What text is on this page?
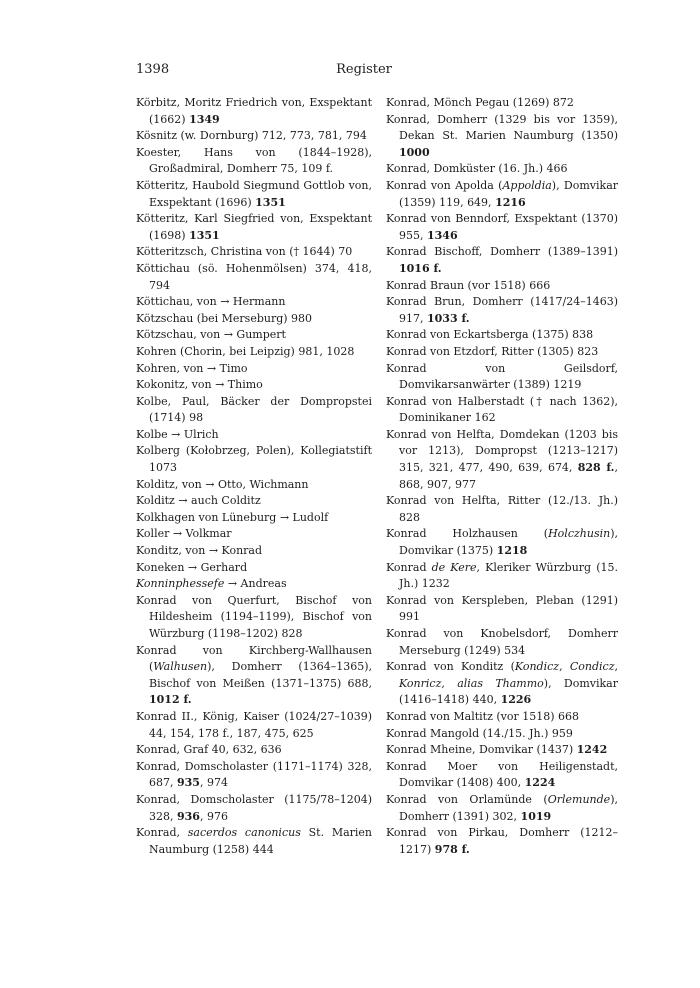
1398	Register

Körbitz, Moritz Friedrich von, Exspektant (1662) 1349

Kösnitz (w. Dornburg) 712, 773, 781, 794

Koester, Hans von (1844–1928), Großadmiral, Domherr 75, 109 f.

Kötteritz, Haubold Siegmund Gottlob von, Exspektant (1696) 1351

Kötteritz, Karl Siegfried von, Exspektant (1698) 1351

Kötteritzsch, Christina von († 1644) 70

Köttichau (sö. Hohenmölsen) 374, 418, 794

Köttichau, von → Hermann

Kötzschau (bei Merseburg) 980

Kötzschau, von → Gumpert

Kohren (Chorin, bei Leipzig) 981, 1028

Kohren, von → Timo

Kokonitz, von → Thimo

Kolbe, Paul, Bäcker der Dompropstei (1714) 98

Kolbe → Ulrich

Kolberg (Kołobrzeg, Polen), Kollegiatstift 1073

Kolditz, von → Otto, Wichmann

Kolditz → auch Colditz

Kolkhagen von Lüneburg → Ludolf

Koller → Volkmar

Konditz, von → Konrad

Koneken → Gerhard

Konninphessefe → Andreas

Konrad von Querfurt, Bischof von Hildesheim (1194–1199), Bischof von Würzburg (1198–1202) 828

Konrad von Kirchberg-Wallhausen (Walhusen), Domherr (1364–1365), Bischof von Meißen (1371–1375) 688, 1012 f.

Konrad II., König, Kaiser (1024/27–1039) 44, 154, 178 f., 187, 475, 625

Konrad, Graf 40, 632, 636

Konrad, Domscholaster (1171–1174) 328, 687, 935, 974

Konrad, Domscholaster (1175/78–1204) 328, 936, 976

Konrad, sacerdos canonicus St. Marien Naumburg (1258) 444

Konrad, Mönch Pegau (1269) 872

Konrad, Domherr (1329 bis vor 1359), Dekan St. Marien Naumburg (1350) 1000

Konrad, Domküster (16. Jh.) 466

Konrad von Apolda (Appoldia), Domvikar (1359) 119, 649, 1216

Konrad von Benndorf, Exspektant (1370) 955, 1346

Konrad Bischoff, Domherr (1389–1391) 1016 f.

Konrad Braun (vor 1518) 666

Konrad Brun, Domherr (1417/24–1463) 917, 1033 f.

Konrad von Eckartsberga (1375) 838

Konrad von Etzdorf, Ritter (1305) 823

Konrad von Geilsdorf, Domvikarsanwärter (1389) 1219

Konrad von Halberstadt († nach 1362), Dominikaner 162

Konrad von Helfta, Domdekan (1203 bis vor 1213), Dompropst (1213–1217) 315, 321, 477, 490, 639, 674, 828 f., 868, 907, 977

Konrad von Helfta, Ritter (12./13. Jh.) 828

Konrad Holzhausen (Holczhusin), Domvikar (1375) 1218

Konrad de Kere, Kleriker Würzburg (15. Jh.) 1232

Konrad von Kerspleben, Pleban (1291) 991

Konrad von Knobelsdorf, Domherr Merseburg (1249) 534

Konrad von Konditz (Kondicz, Condicz, Konricz, alias Thammo), Domvikar (1416–1418) 440, 1226

Konrad von Maltitz (vor 1518) 668

Konrad Mangold (14./15. Jh.) 959

Konrad Mheine, Domvikar (1437) 1242

Konrad Moer von Heiligenstadt, Domvikar (1408) 400, 1224

Konrad von Orlamünde (Orlemunde), Domherr (1391) 302, 1019

Konrad von Pirkau, Domherr (1212–1217) 978 f.
